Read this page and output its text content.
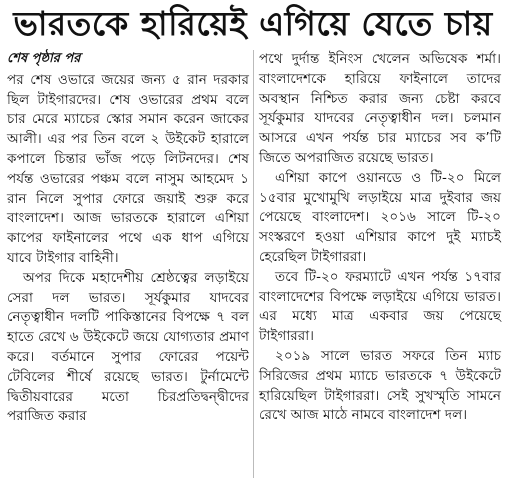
ভারতকে হারিয়েই এগিয়ে যেতে চায়
শেষ পৃষ্ঠার পর

পর শেষ ওভারে জয়ের জন্য ৫ রান দরকার ছিল টাইগারদের। শেষ ওভারের প্রথম বলে চার মেরে ম্যাচের স্কোর সমান করেন জাকের আলী। এর পর তিন বলে ২ উইকেট হারালে কপালে চিন্তার ভাঁজ পড়ে লিটনদের। শেষ পর্যন্ত ওভারের পঞ্চম বলে নাসুম আহমেদ ১ রান নিলে সুপার ফোরে জয়াই শুরু করে বাংলাদেশ। আজ ভারতকে হারালে এশিয়া কাপের ফাইনালের পথে এক ধাপ এগিয়ে যাবে টাইগার বাহিনী।

অপর দিকে মহাদেশীয় শ্রেষ্ঠত্বের লড়াইয়ে সেরা দল ভারত। সূর্যকুমার যাদবের নেতৃত্বাধীন দলটি পাকিস্তানের বিপক্ষে ৭ বল হাতে রেখে ৬ উইকেটে জয়ে যোগ্যতার প্রমাণ করে। বর্তমানে সুপার ফোরের পয়েন্ট টেবিলের শীর্ষে রয়েছে ভারত। টুর্নামেন্টে দ্বিতীয়বারের মতো চিরপ্রতিদ্বন্দ্বীদের পরাজিত করার

পথে দুর্দান্ত ইনিংস খেলেন অভিষেক শর্মা। বাংলাদেশকে হারিয়ে ফাইনালে তাদের অবস্থান নিশ্চিত করার জন্য চেষ্টা করবে সূর্যকুমার যাদবের নেতৃত্বাধীন দল। চলমান আসরে এখন পর্যন্ত চার ম্যাচের সব ক’টি জিতে অপরাজিত রয়েছে ভারত।

এশিয়া কাপে ওয়ানডে ও টি-২০ মিলে ১৫বার মুখোমুখি লড়াইয়ে মাত্র দুইবার জয় পেয়েছে বাংলাদেশ। ২০১৬ সালে টি-২০ সংস্করণে হওয়া এশিয়ার কাপে দুই ম্যাচই হেরেছিল টাইগাররা।

তবে টি-২০ ফরম্যাটে এখন পর্যন্ত ১৭বার বাংলাদেশের বিপক্ষে লড়াইয়ে এগিয়ে ভারত। এর মধ্যে মাত্র একবার জয় পেয়েছে টাইগাররা।

২০১৯ সালে ভারত সফরে তিন ম্যাচ সিরিজের প্রথম ম্যাচে ভারতকে ৭ উইকেটে হারিয়েছিল টাইগাররা। সেই সুখস্মৃতি সামনে রেখে আজ মাঠে নামবে বাংলাদেশ দল।
